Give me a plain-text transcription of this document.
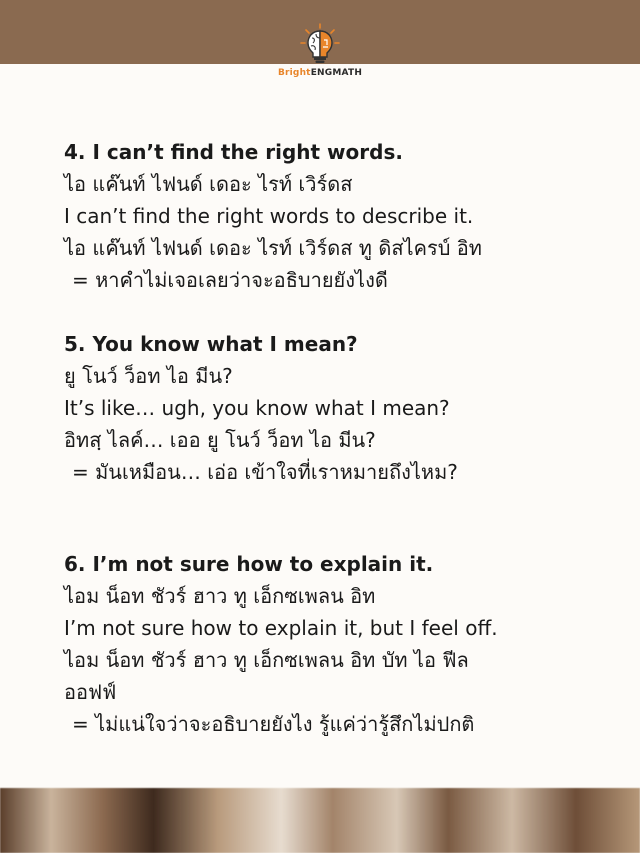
BrightENGMATH

4. I can’t find the right words.

ไอ แค๊นท์ ไฟนด์ เดอะ ไรท์ เวิร์ดส

I can’t find the right words to describe it.

ไอ แค๊นท์ ไฟนด์ เดอะ ไรท์ เวิร์ดส ทู ดิสไครบ์ อิท

= หาคำไม่เจอเลยว่าจะอธิบายยังไงดี

5. You know what I mean?

ยู โนว์ ว็อท ไอ มีน?

It’s like… ugh, you know what I mean?

อิทสฺ ไลค์… เออ ยู โนว์ ว็อท ไอ มีน?

= มันเหมือน… เอ่อ เข้าใจที่เราหมายถึงไหม?

6. I’m not sure how to explain it.

ไอม น็อท ชัวร์ ฮาว ทู เอ็กซเพลน อิท

I’m not sure how to explain it, but I feel off.

ไอม น็อท ชัวร์ ฮาว ทู เอ็กซเพลน อิท บัท ไอ ฟีล

ออฟฟ์

= ไม่แน่ใจว่าจะอธิบายยังไง รู้แค่ว่ารู้สึกไม่ปกติ
